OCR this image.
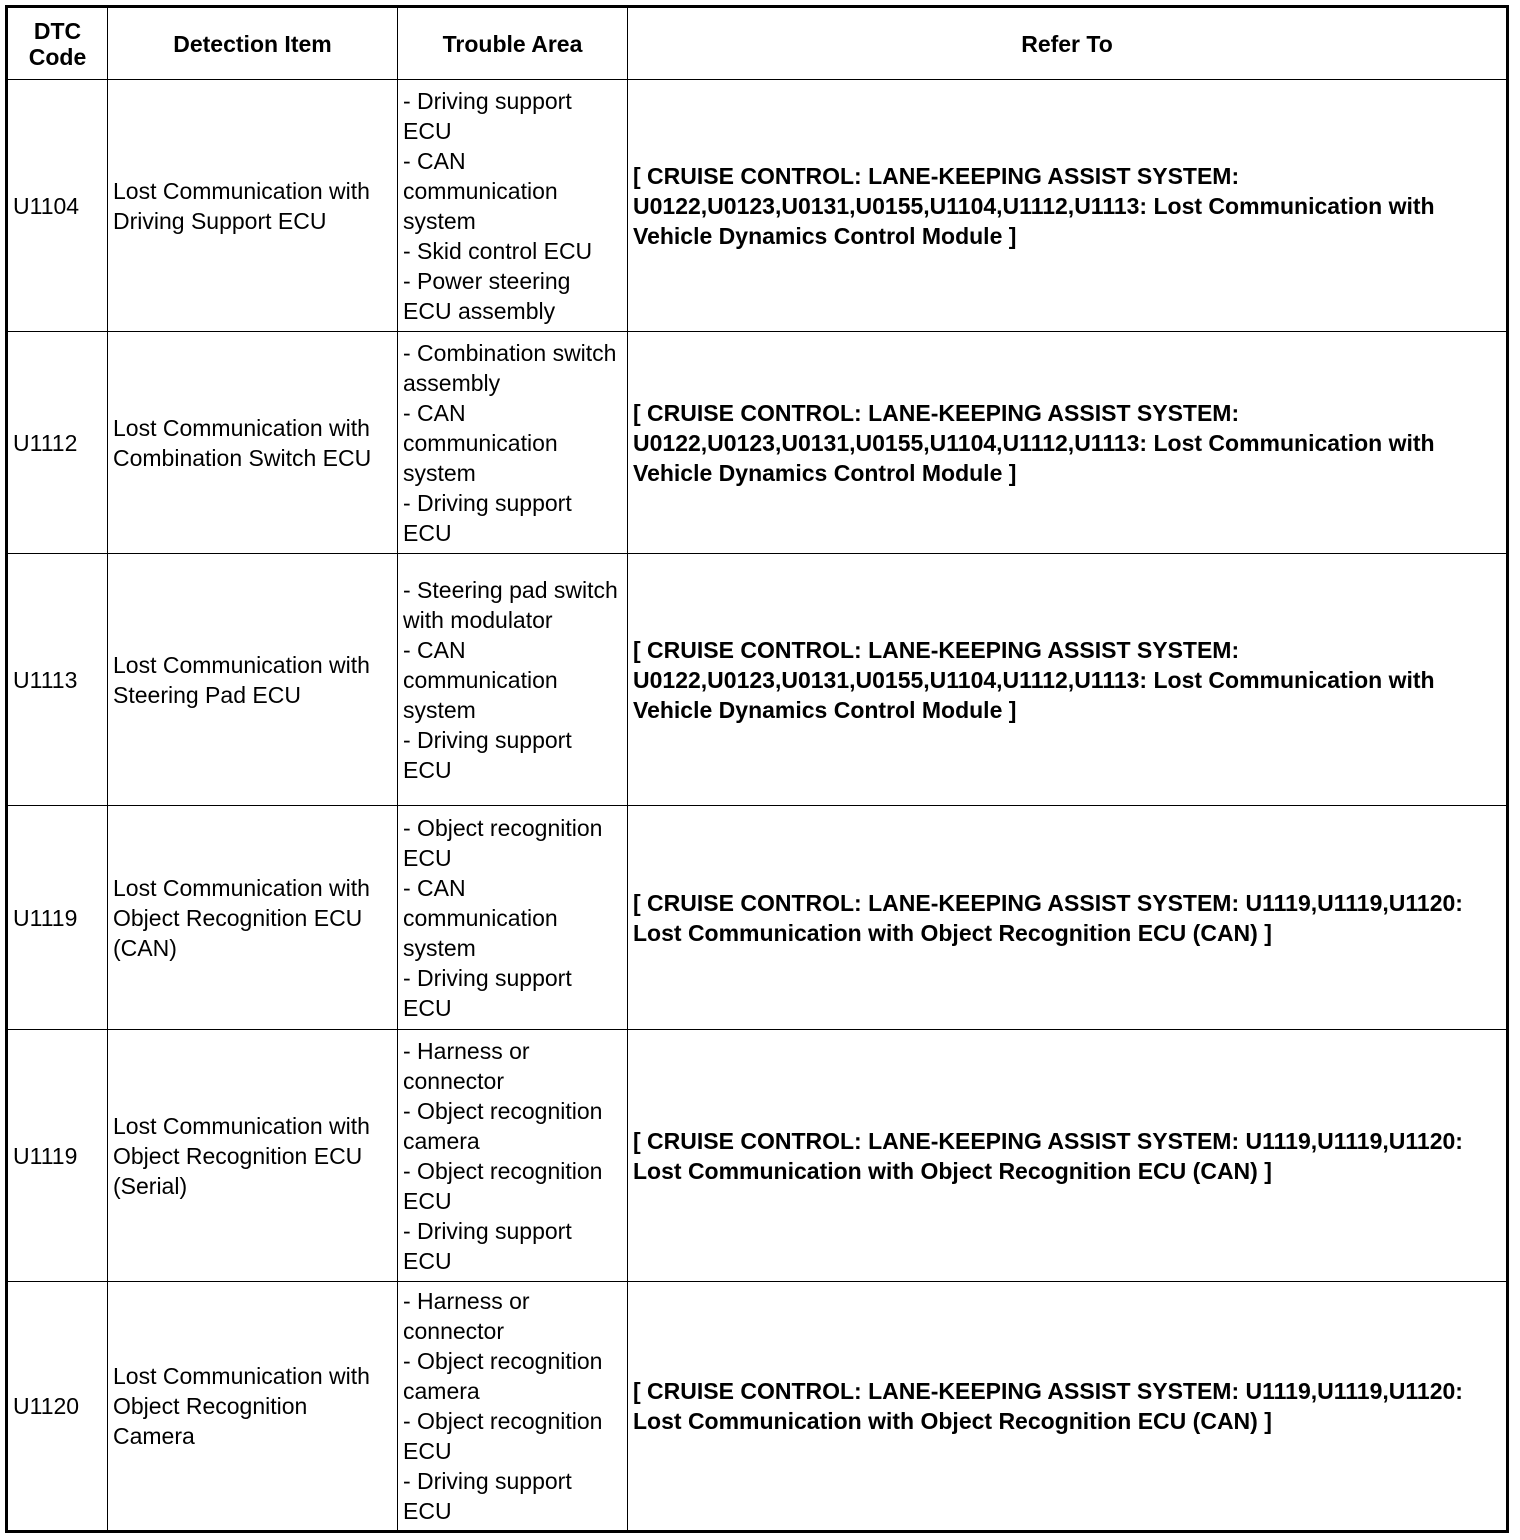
DTC Code	Detection Item	Trouble Area	Refer To
U1104	Lost Communication with Driving Support ECU	- Driving support ECU
- CAN communication system
- Skid control ECU
- Power steering ECU assembly	[ CRUISE CONTROL: LANE-KEEPING ASSIST SYSTEM: U0122,U0123,U0131,U0155,U1104,U1112,U1113: Lost Communication with Vehicle Dynamics Control Module ]
U1112	Lost Communication with Combination Switch ECU	- Combination switch assembly
- CAN communication system
- Driving support ECU	[ CRUISE CONTROL: LANE-KEEPING ASSIST SYSTEM: U0122,U0123,U0131,U0155,U1104,U1112,U1113: Lost Communication with Vehicle Dynamics Control Module ]
U1113	Lost Communication with Steering Pad ECU	- Steering pad switch with modulator
- CAN communication system
- Driving support ECU	[ CRUISE CONTROL: LANE-KEEPING ASSIST SYSTEM: U0122,U0123,U0131,U0155,U1104,U1112,U1113: Lost Communication with Vehicle Dynamics Control Module ]
U1119	Lost Communication with Object Recognition ECU (CAN)	- Object recognition ECU
- CAN communication system
- Driving support ECU	[ CRUISE CONTROL: LANE-KEEPING ASSIST SYSTEM: U1119,U1119,U1120: Lost Communication with Object Recognition ECU (CAN) ]
U1119	Lost Communication with Object Recognition ECU (Serial)	- Harness or connector
- Object recognition camera
- Object recognition ECU
- Driving support ECU	[ CRUISE CONTROL: LANE-KEEPING ASSIST SYSTEM: U1119,U1119,U1120: Lost Communication with Object Recognition ECU (CAN) ]
U1120	Lost Communication with Object Recognition Camera	- Harness or connector
- Object recognition camera
- Object recognition ECU
- Driving support ECU	[ CRUISE CONTROL: LANE-KEEPING ASSIST SYSTEM: U1119,U1119,U1120: Lost Communication with Object Recognition ECU (CAN) ]
